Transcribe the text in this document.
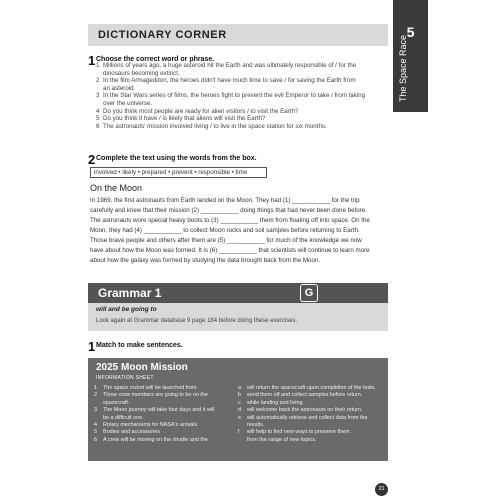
5
The Space Race
DICTIONARY CORNER
1 Choose the correct word or phrase.
1 Millions of years ago, a huge asteroid hit the Earth and was ultimately responsible of / for the
dinosaurs becoming extinct.
2 In the film Armageddon, the heroes didn't have much time to save / for saving the Earth from
an asteroid.
3 In the Star Wars series of films, the heroes fight to prevent the evil Emperor to take / from taking
over the universe.
4 Do you think most people are ready for alien visitors / to visit the Earth?
5 Do you think it have / is likely that aliens will visit the Earth?
6 The astronauts' mission involved living / to live in the space station for six months.
2 Complete the text using the words from the box.
involved • likely • prepared • prevent • responsible • time
On the Moon
In 1969, the first astronauts from Earth landed on the Moon. They had (1) ___________ for the trip
carefully and knew that their mission (2) ___________ doing things that had never been done before.
The astronauts wore special heavy boots to (3) ___________ them from floating off into space. On the
Moon, they had (4) ___________ to collect Moon rocks and soil samples before returning to Earth.
Those brave people and others after them are (5) ___________ for much of the knowledge we now
have about how the Moon was formed. It is (6) ___________ that scientists will continue to learn more
about how the galaxy was formed by studying the data brought back from the Moon.
Grammar 1	G
will and be going to
Look again at Grammar database 9 page 184 before doing these exercises.
1 Match to make sentences.
2025 Moon Mission
INFORMATION SHEET
1	The space rocket will be launched from
2	Three crew members are going to be on the
spacecraft.
3	The Moon journey will take four days and it will
be a difficult one.
4	Rotary mechanisms for NASA's arrivals
5	Bodies and accessories
6	A crew will be moving on the shuttle and the
a	will return the spacecraft upon completion of the tests.
b	send them off and collect samples before return.
c	while landing and living.
d	will welcome back the astronauts on their return.
e	will automatically retrieve and collect data from the results.
f	will help to find new ways to preserve them.
from the range of new topics.
21
